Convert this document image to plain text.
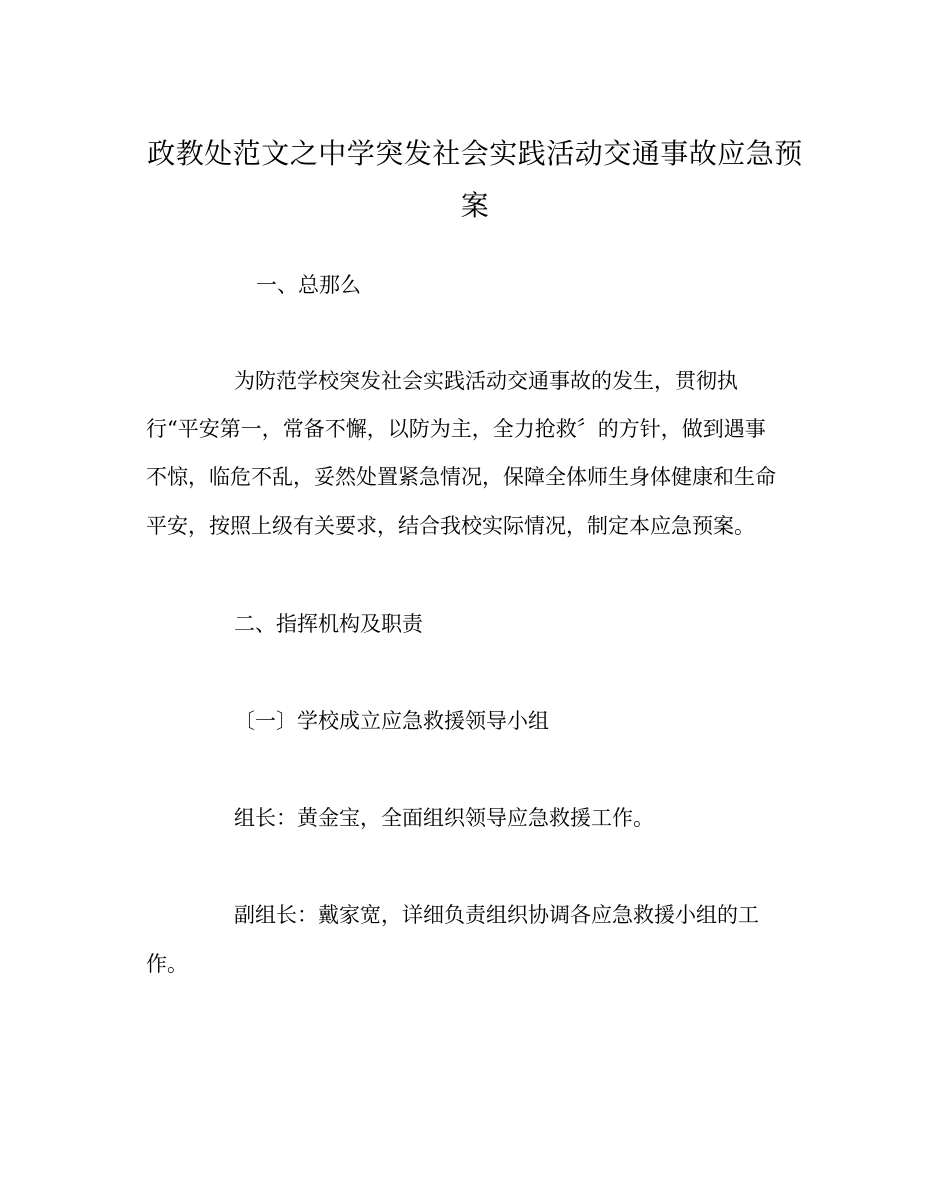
政教处范文之中学突发社会实践活动交通事故应急预案
一、总那么
为防范学校突发社会实践活动交通事故的发生，贯彻执
行“平安第一，常备不懈，以防为主，全力抢救〞的方针，做到遇事
不惊，临危不乱，妥然处置紧急情况，保障全体师生身体健康和生命
平安，按照上级有关要求，结合我校实际情况，制定本应急预案。
二、指挥机构及职责
〔一〕学校成立应急救援领导小组
组长：黄金宝，全面组织领导应急救援工作。
副组长：戴家宽，详细负责组织协调各应急救援小组的工
作。
